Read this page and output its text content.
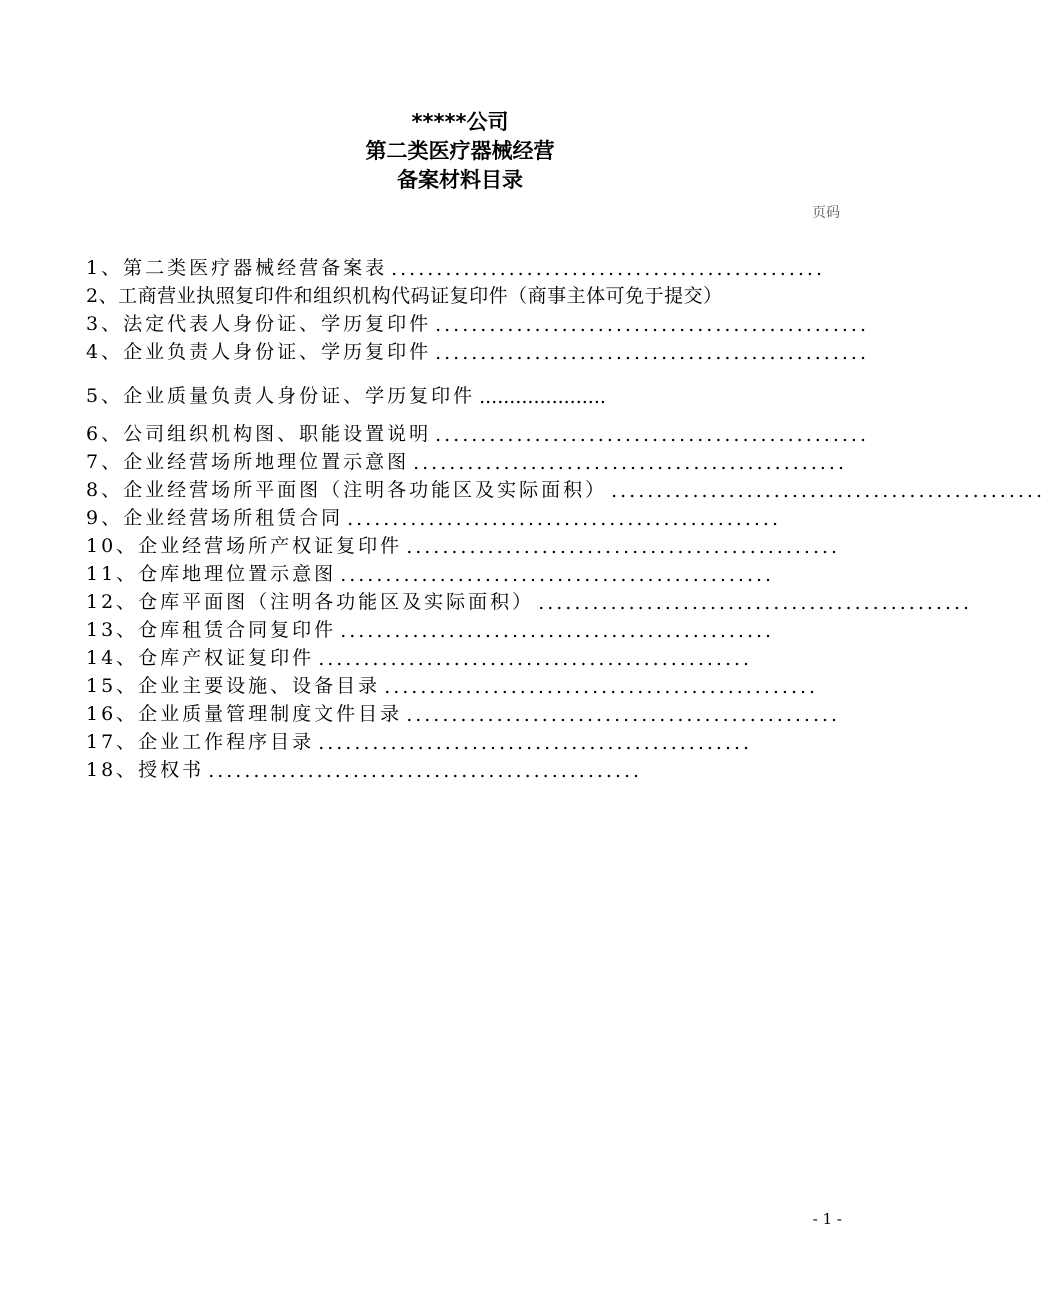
*****公司
第二类医疗器械经营
备案材料目录
页码
1、第二类医疗器械经营备案表 ................................................
2、工商营业执照复印件和组织机构代码证复印件（商事主体可免于提交）
3、法定代表人身份证、学历复印件 ................................................
4、企业负责人身份证、学历复印件 ................................................
5、企业质量负责人身份证、学历复印件 .....................
6、公司组织机构图、职能设置说明 ................................................
7、企业经营场所地理位置示意图 ................................................
8、企业经营场所平面图（注明各功能区及实际面积） ................................................
9、企业经营场所租赁合同 ................................................
10、企业经营场所产权证复印件 ................................................
11、仓库地理位置示意图 ................................................
12、仓库平面图（注明各功能区及实际面积） ................................................
13、仓库租赁合同复印件 ................................................
14、仓库产权证复印件 ................................................
15、企业主要设施、设备目录 ................................................
16、企业质量管理制度文件目录 ................................................
17、企业工作程序目录 ................................................
18、授权书 ................................................
- 1 -
